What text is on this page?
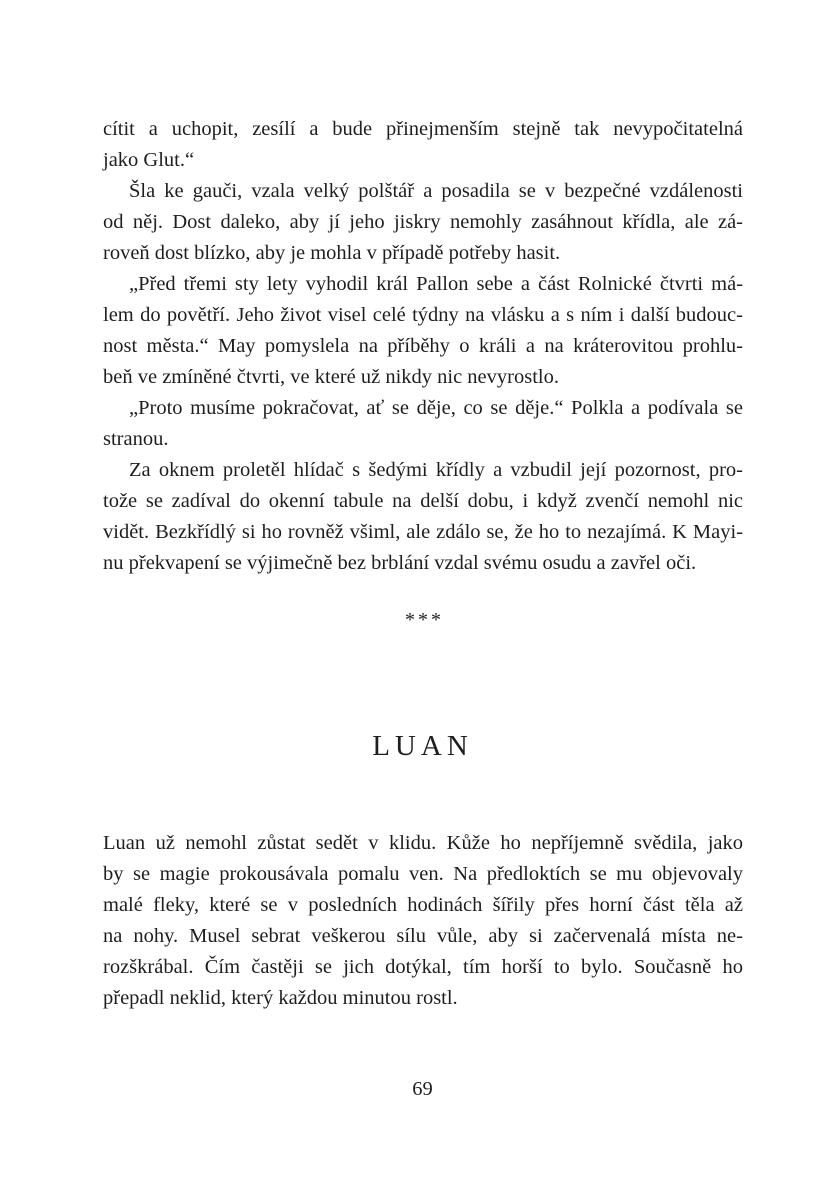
cítit a uchopit, zesílí a bude přinejmenším stejně tak nevypočitatelná
jako Glut.“
Šla ke gauči, vzala velký polštář a posadila se v bezpečné vzdálenosti
od něj. Dost daleko, aby jí jeho jiskry nemohly zasáhnout křídla, ale zá-
roveň dost blízko, aby je mohla v případě potřeby hasit.
„Před třemi sty lety vyhodil král Pallon sebe a část Rolnické čtvrti má-
lem do povětří. Jeho život visel celé týdny na vlásku a s ním i další budouc-
nost města.“ May pomyslela na příběhy o králi a na kráterovitou prohlu-
beň ve zmíněné čtvrti, ve které už nikdy nic nevyrostlo.
„Proto musíme pokračovat, ať se děje, co se děje.“ Polkla a podívala se
stranou.
Za oknem proletěl hlídač s šedými křídly a vzbudil její pozornost, pro-
tože se zadíval do okenní tabule na delší dobu, i když zvenčí nemohl nic
vidět. Bezkřídlý si ho rovněž všiml, ale zdálo se, že ho to nezajímá. K Mayi-
nu překvapení se výjimečně bez brblání vzdal svému osudu a zavřel oči.
***
LUAN
Luan už nemohl zůstat sedět v klidu. Kůže ho nepříjemně svědila, jako
by se magie prokousávala pomalu ven. Na předloktích se mu objevovaly
malé fleky, které se v posledních hodinách šířily přes horní část těla až
na nohy. Musel sebrat veškerou sílu vůle, aby si začervenalá místa ne-
rozškrábal. Čím častěji se jich dotýkal, tím horší to bylo. Současně ho
přepadl neklid, který každou minutou rostl.
69
